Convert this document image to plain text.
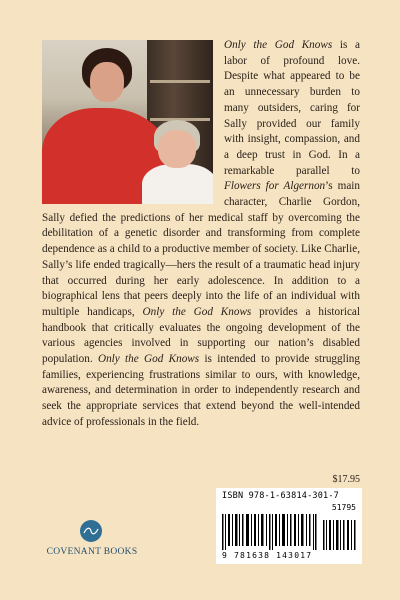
Only the God Knows is a labor of profound love. Despite what appeared to be an unnecessary burden to many outsiders, caring for Sally provided our family with insight, compassion, and a deep trust in God. In a remarkable parallel to Flowers for Algernon’s main character, Charlie Gordon, Sally defied the predictions of her medical staff by overcoming the debilitation of a genetic disorder and transforming from complete dependence as a child to a productive member of society. Like Charlie, Sally’s life ended tragically—hers the result of a traumatic head injury that occurred during her early adolescence. In addition to a biographical lens that peers deeply into the life of an individual with multiple handicaps, Only the God Knows provides a historical handbook that critically evaluates the ongoing development of the various agencies involved in supporting our nation’s disabled population. Only the God Knows is intended to provide struggling families, experiencing frustrations similar to ours, with knowledge, awareness, and determination in order to independently research and seek the appropriate services that extend beyond the well-intended advice of professionals in the field.

$17.95
ISBN 978-1-63814-301-7
51795
9 781638 143017
COVENANT BOOKS
